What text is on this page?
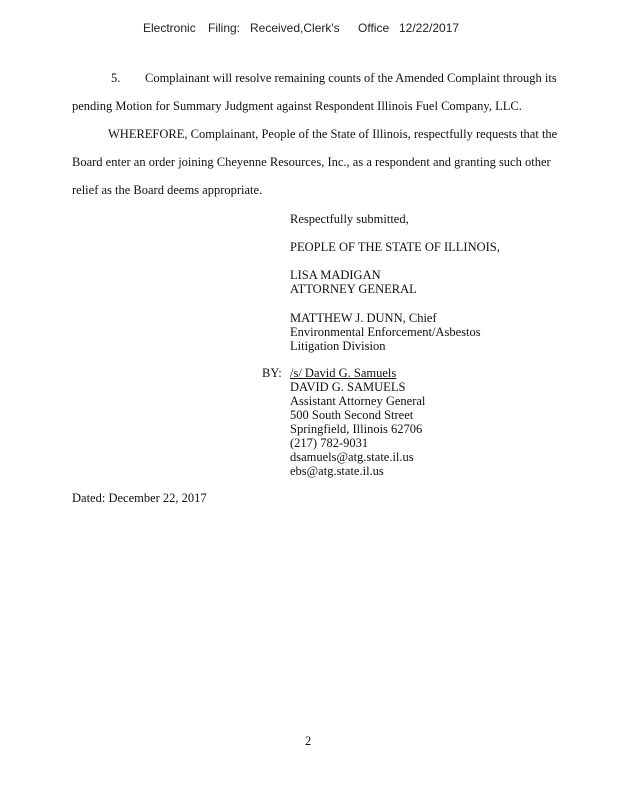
Electronic Filing: Received,Clerk's Office 12/22/2017
5. Complainant will resolve remaining counts of the Amended Complaint through its
pending Motion for Summary Judgment against Respondent Illinois Fuel Company, LLC.
WHEREFORE, Complainant, People of the State of Illinois, respectfully requests that the
Board enter an order joining Cheyenne Resources, Inc., as a respondent and granting such other
relief as the Board deems appropriate.
Respectfully submitted,
PEOPLE OF THE STATE OF ILLINOIS,
LISA MADIGAN
ATTORNEY GENERAL
MATTHEW J. DUNN, Chief
Environmental Enforcement/Asbestos
Litigation Division
BY: /s/ David G. Samuels
DAVID G. SAMUELS
Assistant Attorney General
500 South Second Street
Springfield, Illinois 62706
(217) 782-9031
dsamuels@atg.state.il.us
ebs@atg.state.il.us
Dated: December 22, 2017
2
